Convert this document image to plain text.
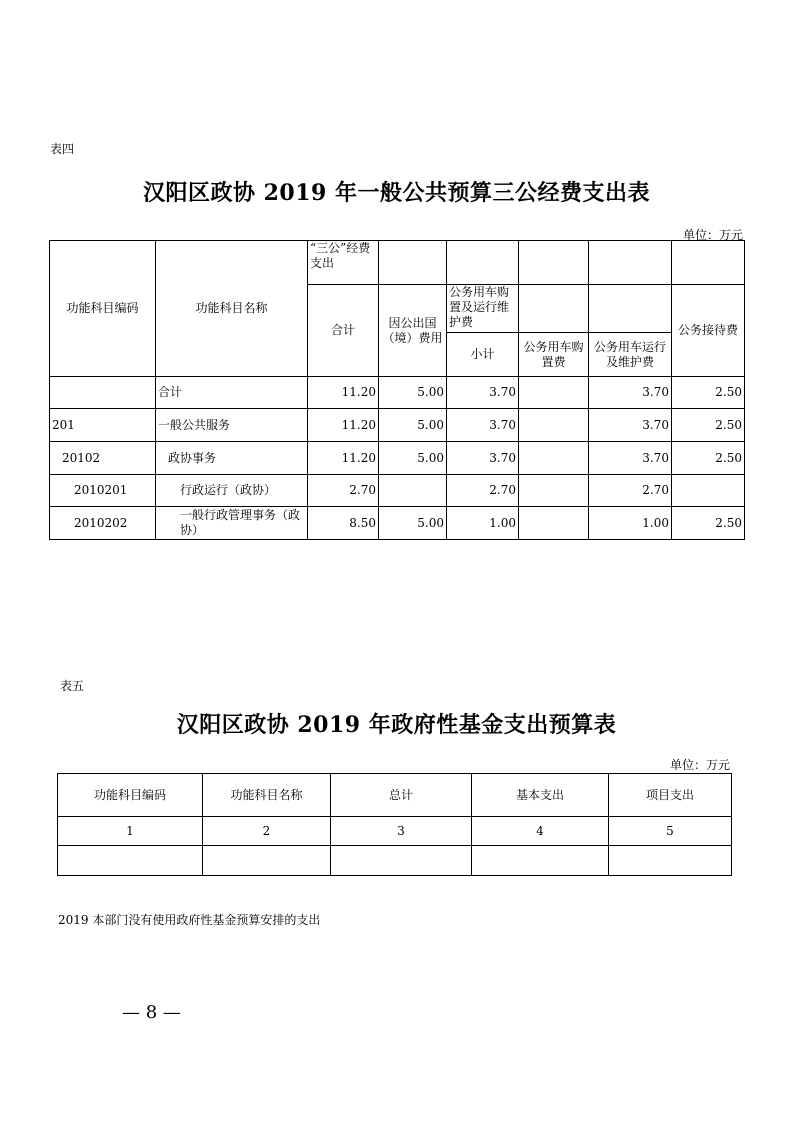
表四
汉阳区政协 2019 年一般公共预算三公经费支出表
单位：万元
功能科目编码	功能科目名称	“三公”经费支出					
		合计	因公出国（境）费用	公务用车购置及运行维护费			公务接待费
				小计	公务用车购置费	公务用车运行及维护费	
	合计	11.20	5.00	3.70		3.70	2.50
201	一般公共服务	11.20	5.00	3.70		3.70	2.50
20102	政协事务	11.20	5.00	3.70		3.70	2.50
2010201	行政运行（政协）	2.70		2.70		2.70	
2010202	一般行政管理事务（政协）	8.50	5.00	1.00		1.00	2.50
表五
汉阳区政协 2019 年政府性基金支出预算表
单位：万元
功能科目编码	功能科目名称	总计	基本支出	项目支出
1	2	3	4	5

2019 本部门没有使用政府性基金预算安排的支出
— 8 —
